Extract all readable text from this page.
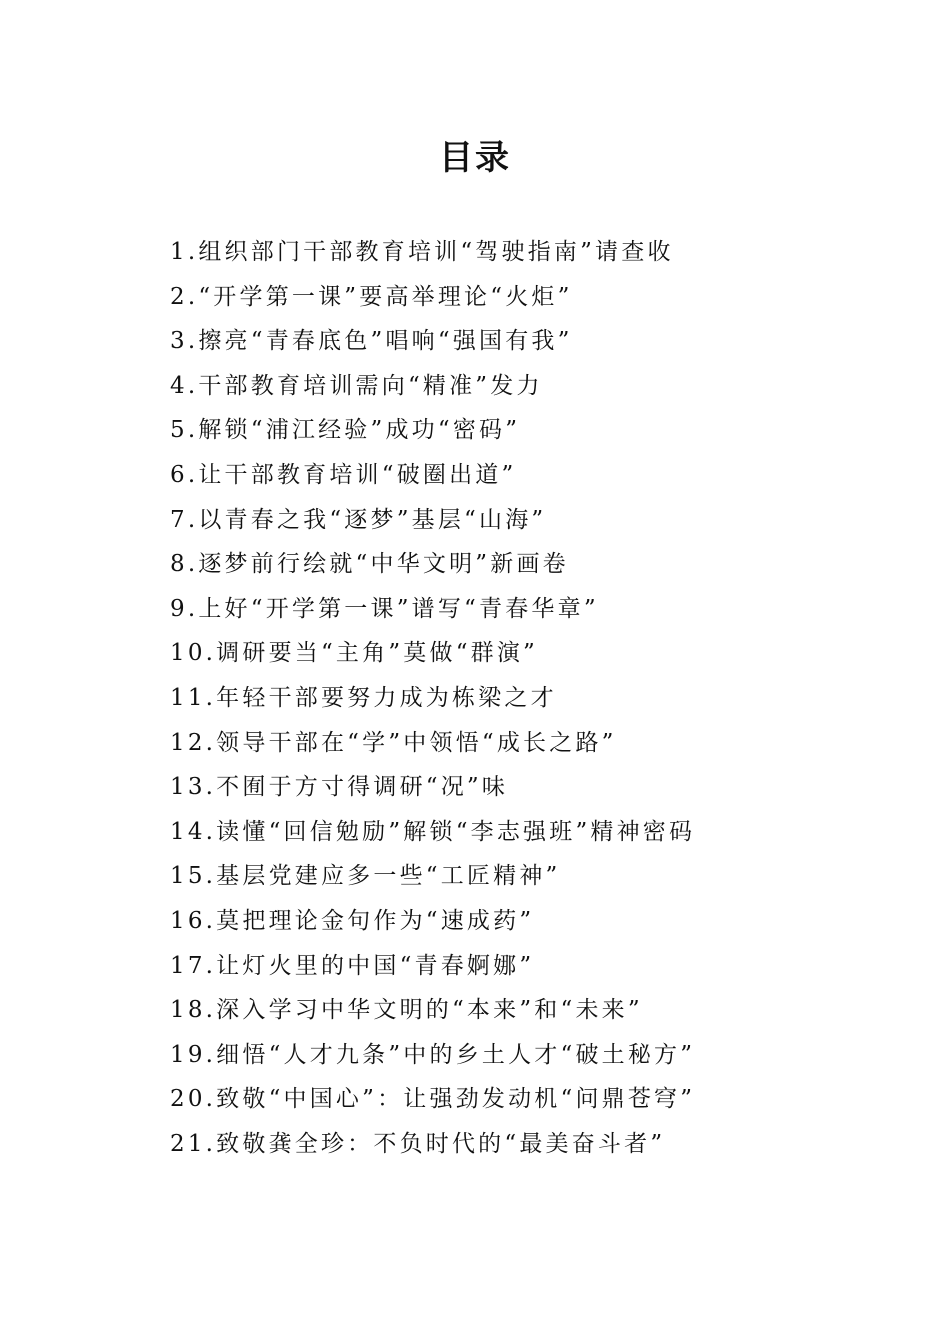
目录
1.组织部门干部教育培训“驾驶指南”请查收
2.“开学第一课”要高举理论“火炬”
3.擦亮“青春底色”唱响“强国有我”
4.干部教育培训需向“精准”发力
5.解锁“浦江经验”成功“密码”
6.让干部教育培训“破圈出道”
7.以青春之我“逐梦”基层“山海”
8.逐梦前行绘就“中华文明”新画卷
9.上好“开学第一课”谱写“青春华章”
10.调研要当“主角”莫做“群演”
11.年轻干部要努力成为栋梁之才
12.领导干部在“学”中领悟“成长之路”
13.不囿于方寸得调研“况”味
14.读懂“回信勉励”解锁“李志强班”精神密码
15.基层党建应多一些“工匠精神”
16.莫把理论金句作为“速成药”
17.让灯火里的中国“青春婀娜”
18.深入学习中华文明的“本来”和“未来”
19.细悟“人才九条”中的乡土人才“破土秘方”
20.致敬“中国心”：让强劲发动机“问鼎苍穹”
21.致敬龚全珍：不负时代的“最美奋斗者”
